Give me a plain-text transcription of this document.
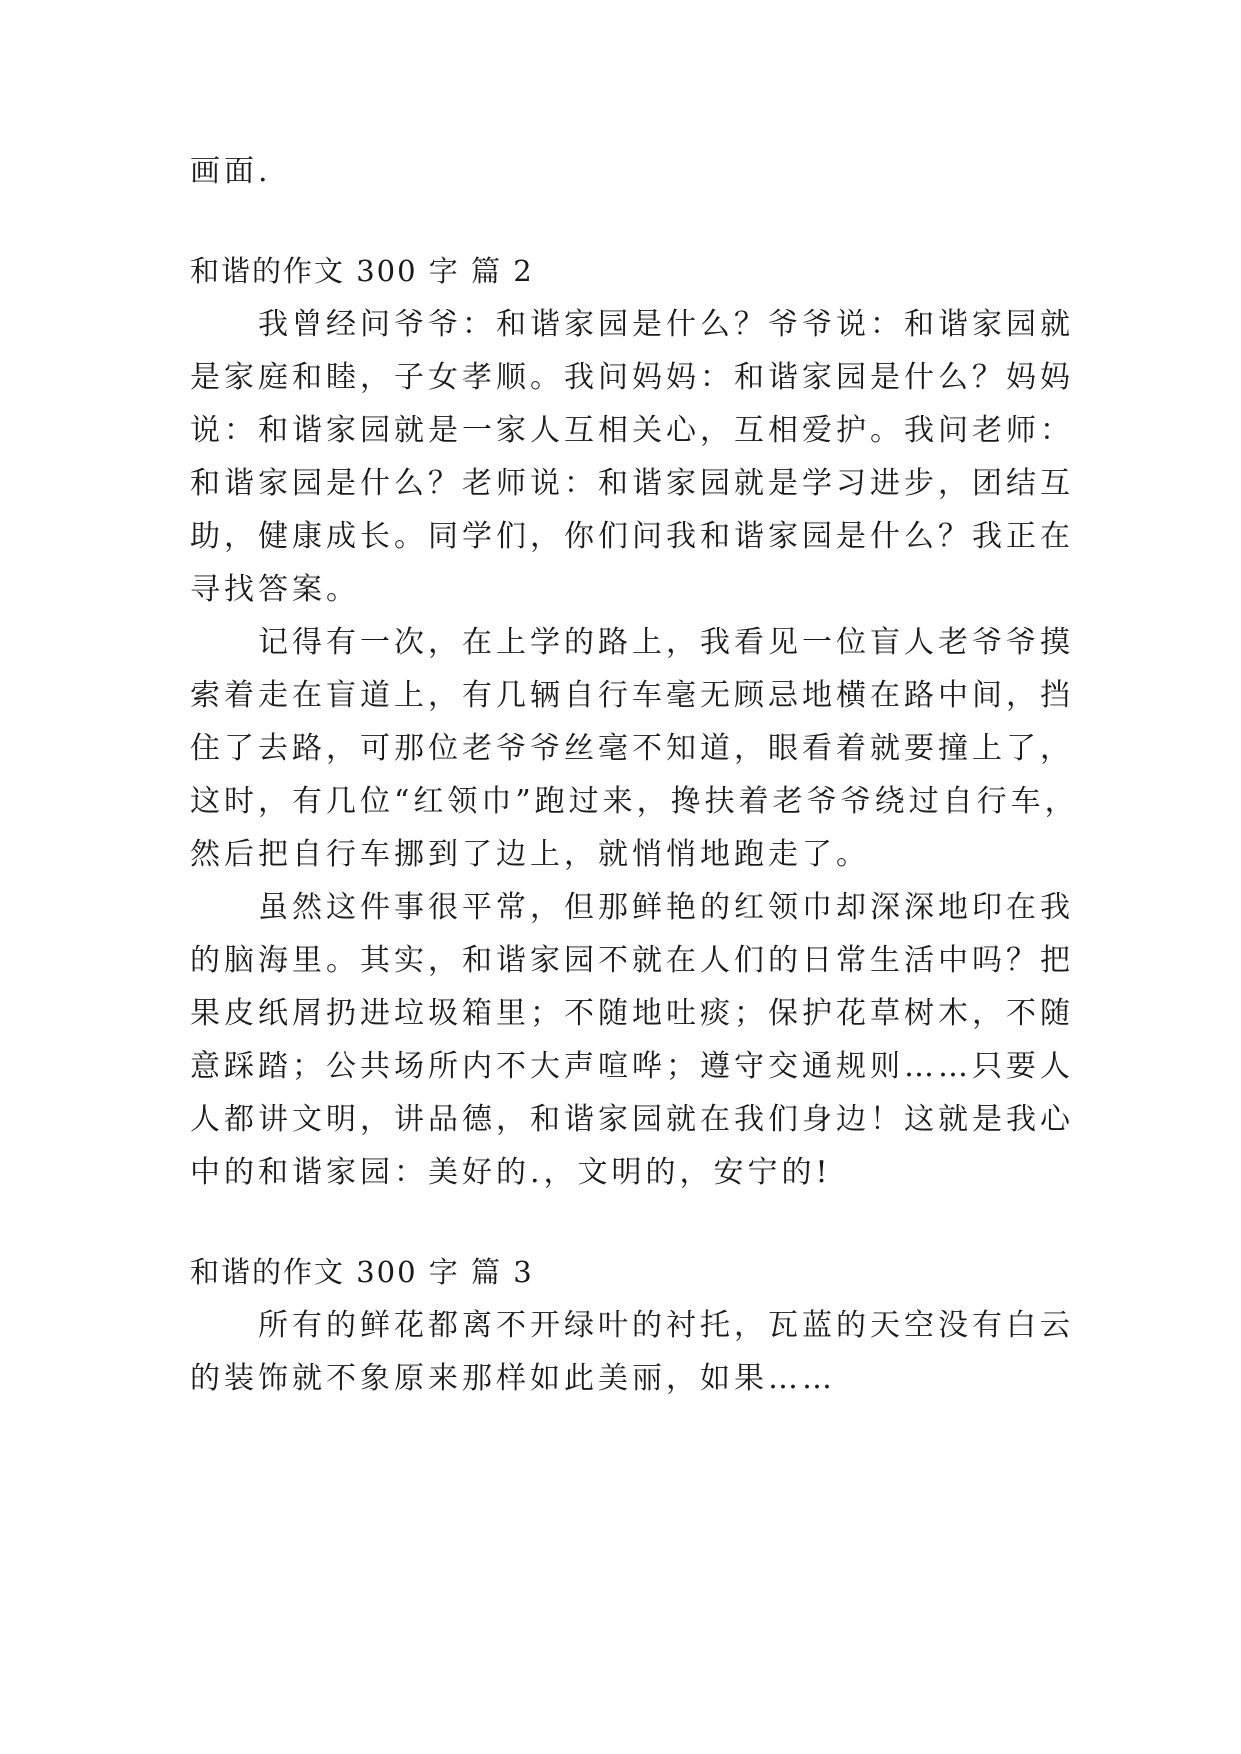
画面.
和谐的作文 300 字 篇 2
我曾经问爷爷：和谐家园是什么？爷爷说：和谐家园就
是家庭和睦，子女孝顺。我问妈妈：和谐家园是什么？妈妈
说：和谐家园就是一家人互相关心，互相爱护。我问老师：
和谐家园是什么？老师说：和谐家园就是学习进步，团结互
助，健康成长。同学们，你们问我和谐家园是什么？我正在
寻找答案。
记得有一次，在上学的路上，我看见一位盲人老爷爷摸
索着走在盲道上，有几辆自行车毫无顾忌地横在路中间，挡
住了去路，可那位老爷爷丝毫不知道，眼看着就要撞上了，
这时，有几位“红领巾”跑过来，搀扶着老爷爷绕过自行车，
然后把自行车挪到了边上，就悄悄地跑走了。
虽然这件事很平常，但那鲜艳的红领巾却深深地印在我
的脑海里。其实，和谐家园不就在人们的日常生活中吗？把
果皮纸屑扔进垃圾箱里；不随地吐痰；保护花草树木，不随
意踩踏；公共场所内不大声喧哗；遵守交通规则……只要人
人都讲文明，讲品德，和谐家园就在我们身边！这就是我心
中的和谐家园：美好的.，文明的，安宁的!
和谐的作文 300 字 篇 3
所有的鲜花都离不开绿叶的衬托，瓦蓝的天空没有白云
的装饰就不象原来那样如此美丽，如果……
